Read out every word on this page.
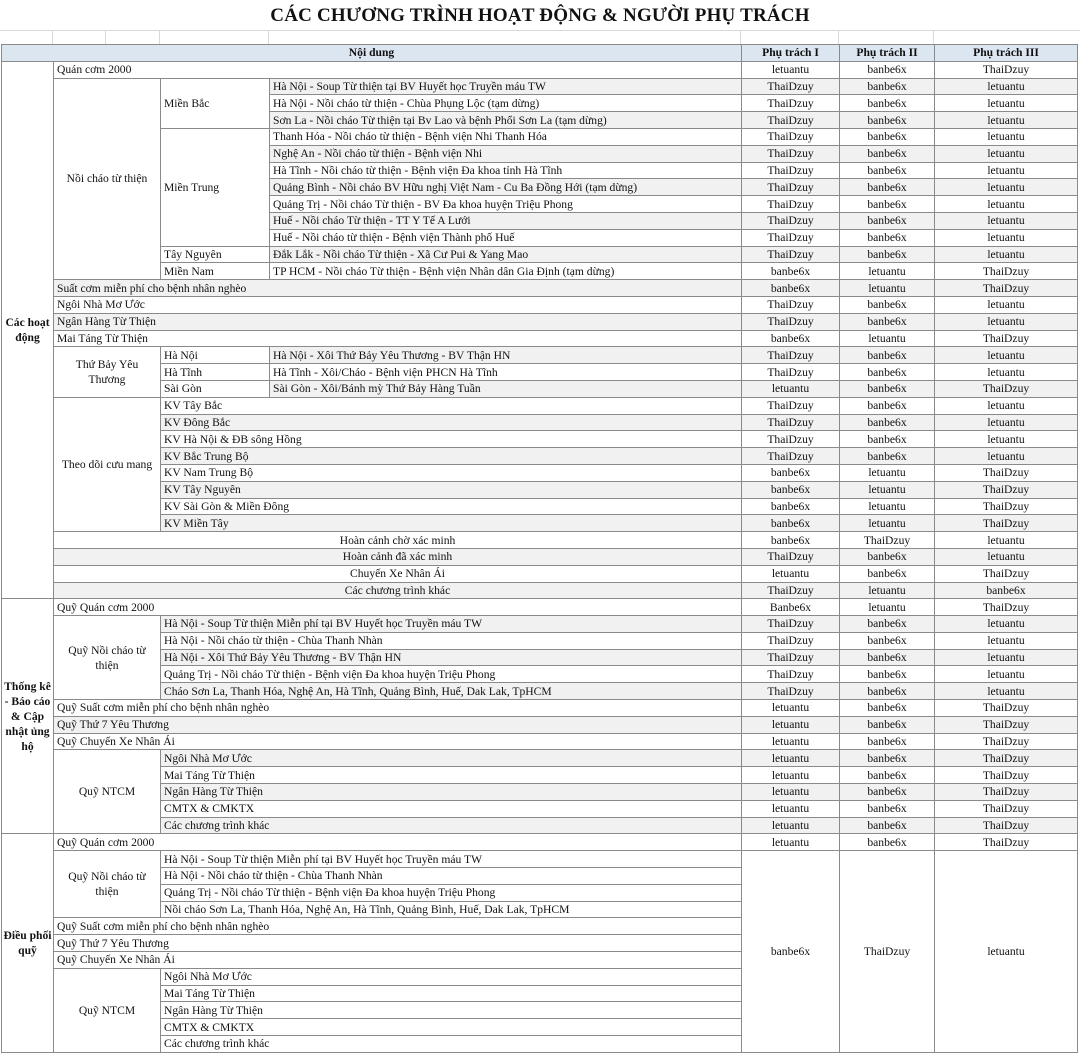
CÁC CHƯƠNG TRÌNH HOẠT ĐỘNG & NGƯỜI PHỤ TRÁCH
Nội dung				Phụ trách I	Phụ trách II	Phụ trách III
Các hoạt động	Quán cơm 2000			letuantu	banbe6x	ThaiDzuy
	Nồi cháo từ thiện	Miền Bắc	Hà Nội - Soup Từ thiện tại BV Huyết học Truyền máu TW	ThaiDzuy	banbe6x	letuantu
			Hà Nội - Nồi cháo từ thiện - Chùa Phụng Lộc (tạm dừng)	ThaiDzuy	banbe6x	letuantu
			Sơn La - Nồi cháo Từ thiện tại Bv Lao và bệnh Phổi Sơn La (tạm dừng)	ThaiDzuy	banbe6x	letuantu
		Miền Trung	Thanh Hóa - Nồi cháo từ thiện - Bệnh viện Nhi Thanh Hóa	ThaiDzuy	banbe6x	letuantu
			Nghệ An - Nồi cháo từ thiện - Bệnh viện Nhi	ThaiDzuy	banbe6x	letuantu
			Hà Tĩnh - Nồi cháo từ thiện - Bệnh viện Đa khoa tỉnh Hà Tĩnh	ThaiDzuy	banbe6x	letuantu
			Quảng Bình - Nồi cháo BV Hữu nghị Việt Nam - Cu Ba Đồng Hới (tạm dừng)	ThaiDzuy	banbe6x	letuantu
			Quảng Trị - Nồi cháo Từ thiện - BV Đa khoa huyện Triệu Phong	ThaiDzuy	banbe6x	letuantu
			Huế - Nồi cháo Từ thiện - TT Y Tế A Lưới	ThaiDzuy	banbe6x	letuantu
			Huế - Nồi cháo từ thiện - Bệnh viện Thành phố Huế	ThaiDzuy	banbe6x	letuantu
		Tây Nguyên	Đắk Lắk - Nồi cháo Từ thiện - Xã Cư Pui & Yang Mao	ThaiDzuy	banbe6x	letuantu
		Miền Nam	TP HCM - Nồi cháo Từ thiện - Bệnh viện Nhân dân Gia Định (tạm dừng)	banbe6x	letuantu	ThaiDzuy
	Suất cơm miễn phí cho bệnh nhân nghèo			banbe6x	letuantu	ThaiDzuy
	Ngôi Nhà Mơ Ước			ThaiDzuy	banbe6x	letuantu
	Ngân Hàng Từ Thiện			ThaiDzuy	banbe6x	letuantu
	Mai Táng Từ Thiện			banbe6x	letuantu	ThaiDzuy
	Thứ Bảy Yêu Thương	Hà Nội	Hà Nội - Xôi Thứ Bảy Yêu Thương - BV Thận HN	ThaiDzuy	banbe6x	letuantu
		Hà Tĩnh	Hà Tĩnh - Xôi/Cháo - Bệnh viện PHCN Hà Tĩnh	ThaiDzuy	banbe6x	letuantu
		Sài Gòn	Sài Gòn - Xôi/Bánh mỳ Thứ Bảy Hàng Tuần	letuantu	banbe6x	ThaiDzuy
	Theo dõi cưu mang	KV Tây Bắc		ThaiDzuy	banbe6x	letuantu
		KV Đông Bắc		ThaiDzuy	banbe6x	letuantu
		KV Hà Nội & ĐB sông Hồng		ThaiDzuy	banbe6x	letuantu
		KV Bắc Trung Bộ		ThaiDzuy	banbe6x	letuantu
		KV Nam Trung Bộ		banbe6x	letuantu	ThaiDzuy
		KV Tây Nguyên		banbe6x	letuantu	ThaiDzuy
		KV Sài Gòn & Miền Đông		banbe6x	letuantu	ThaiDzuy
		KV Miền Tây		banbe6x	letuantu	ThaiDzuy
	Hoàn cảnh chờ xác minh			banbe6x	ThaiDzuy	letuantu
	Hoàn cảnh đã xác minh			ThaiDzuy	banbe6x	letuantu
	Chuyến Xe Nhân Ái			letuantu	banbe6x	ThaiDzuy
	Các chương trình khác			ThaiDzuy	letuantu	banbe6x
Thống kê - Báo cáo & Cập nhật ủng hộ	Quỹ Quán cơm 2000			Banbe6x	letuantu	ThaiDzuy
	Quỹ Nồi cháo từ thiện	Hà Nội - Soup Từ thiện Miễn phí tại BV Huyết học Truyền máu TW		ThaiDzuy	banbe6x	letuantu
		Hà Nội - Nồi cháo từ thiện - Chùa Thanh Nhàn		ThaiDzuy	banbe6x	letuantu
		Hà Nội - Xôi Thứ Bảy Yêu Thương - BV Thận HN		ThaiDzuy	banbe6x	letuantu
		Quảng Trị - Nồi cháo Từ thiện - Bệnh viện Đa khoa huyện Triệu Phong		ThaiDzuy	banbe6x	letuantu
		Cháo Sơn La, Thanh Hóa, Nghệ An, Hà Tĩnh, Quảng Bình, Huế, Dak Lak, TpHCM		ThaiDzuy	banbe6x	letuantu
	Quỹ Suất cơm miễn phí cho bệnh nhân nghèo			letuantu	banbe6x	ThaiDzuy
	Quỹ Thứ 7 Yêu Thương			letuantu	banbe6x	ThaiDzuy
	Quỹ Chuyến Xe Nhân Ái			letuantu	banbe6x	ThaiDzuy
	Quỹ NTCM	Ngôi Nhà Mơ Ước		letuantu	banbe6x	ThaiDzuy
		Mai Táng Từ Thiện		letuantu	banbe6x	ThaiDzuy
		Ngân Hàng Từ Thiện		letuantu	banbe6x	ThaiDzuy
		CMTX & CMKTX		letuantu	banbe6x	ThaiDzuy
		Các chương trình khác		letuantu	banbe6x	ThaiDzuy
Điều phối quỹ	Quỹ Quán cơm 2000			letuantu	banbe6x	ThaiDzuy
	Quỹ Nồi cháo từ thiện	Hà Nội - Soup Từ thiện Miễn phí tại BV Huyết học Truyền máu TW		banbe6x	ThaiDzuy	letuantu
		Hà Nội - Nồi cháo từ thiện - Chùa Thanh Nhàn				
		Quảng Trị - Nồi cháo Từ thiện - Bệnh viện Đa khoa huyện Triệu Phong				
		Nồi cháo Sơn La, Thanh Hóa, Nghệ An, Hà Tĩnh, Quảng Bình, Huế, Dak Lak, TpHCM				
	Quỹ Suất cơm miễn phí cho bệnh nhân nghèo					
	Quỹ Thứ 7 Yêu Thương					
	Quỹ Chuyến Xe Nhân Ái					
	Quỹ NTCM	Ngôi Nhà Mơ Ước				
		Mai Táng Từ Thiện				
		Ngân Hàng Từ Thiện				
		CMTX & CMKTX				
		Các chương trình khác				
